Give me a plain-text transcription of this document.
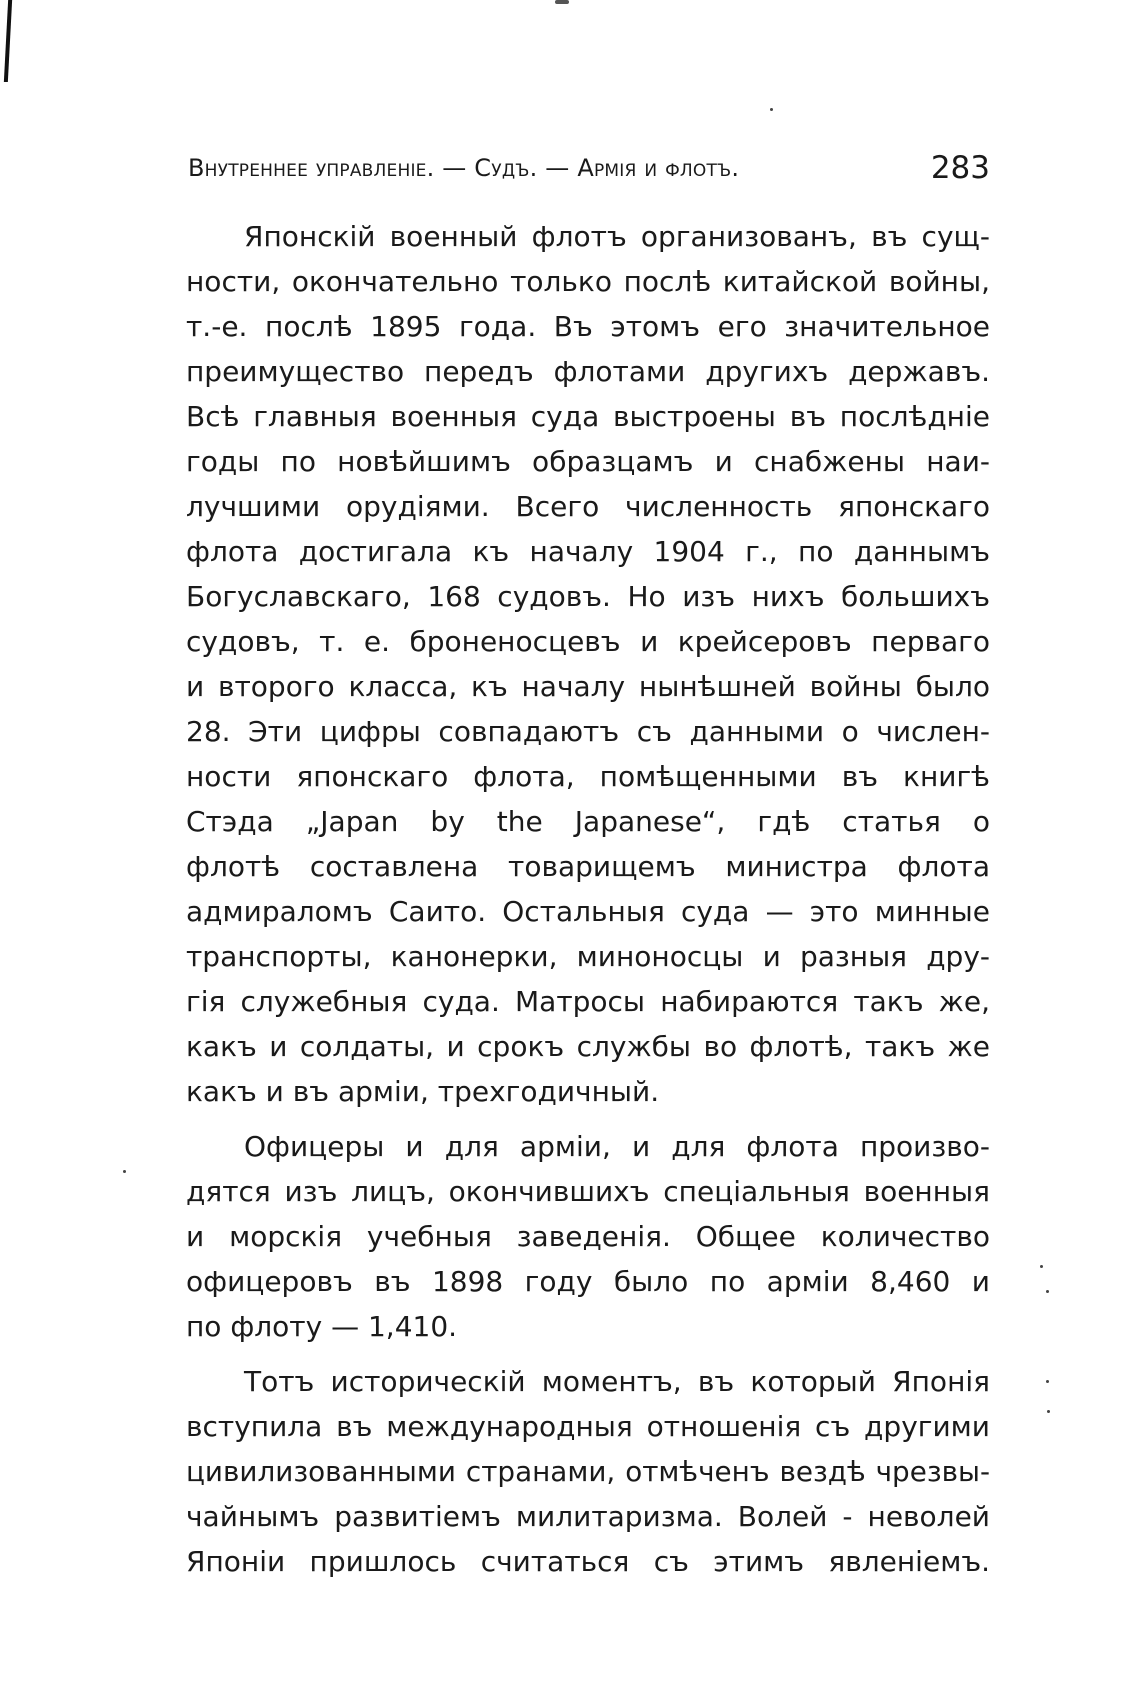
Внутреннее управленіе. — Судъ. — Армія и флотъ.	283
Японскій военный флотъ организованъ, въ сущ-
ности, окончательно только послѣ китайской войны,
т.-е. послѣ 1895 года. Въ этомъ его значительное
преимущество передъ флотами другихъ державъ.
Всѣ главныя военныя суда выстроены въ послѣдніе
годы по новѣйшимъ образцамъ и снабжены наи-
лучшими орудіями. Всего численность японскаго
флота достигала къ началу 1904 г., по даннымъ
Богуславскаго, 168 судовъ. Но изъ нихъ большихъ
судовъ, т. е. броненосцевъ и крейсеровъ перваго
и второго класса, къ началу нынѣшней войны было
28. Эти цифры совпадаютъ съ данными о числен-
ности японскаго флота, помѣщенными въ книгѣ
Стэда „Japan by the Japanese“, гдѣ статья о
флотѣ составлена товарищемъ министра флота
адмираломъ Саито. Остальныя суда — это минные
транспорты, канонерки, миноносцы и разныя дру-
гія служебныя суда. Матросы набираются такъ же,
какъ и солдаты, и срокъ службы во флотѣ, такъ же
какъ и въ арміи, трехгодичный.
Офицеры и для арміи, и для флота произво-
дятся изъ лицъ, окончившихъ спеціальныя военныя
и морскія учебныя заведенія. Общее количество
офицеровъ въ 1898 году было по арміи 8,460 и
по флоту — 1,410.
Тотъ историческій моментъ, въ который Японія
вступила въ международныя отношенія съ другими
цивилизованными странами, отмѣченъ вездѣ чрезвы-
чайнымъ развитіемъ милитаризма. Волей - неволей
Японіи пришлось считаться съ этимъ явленіемъ.
